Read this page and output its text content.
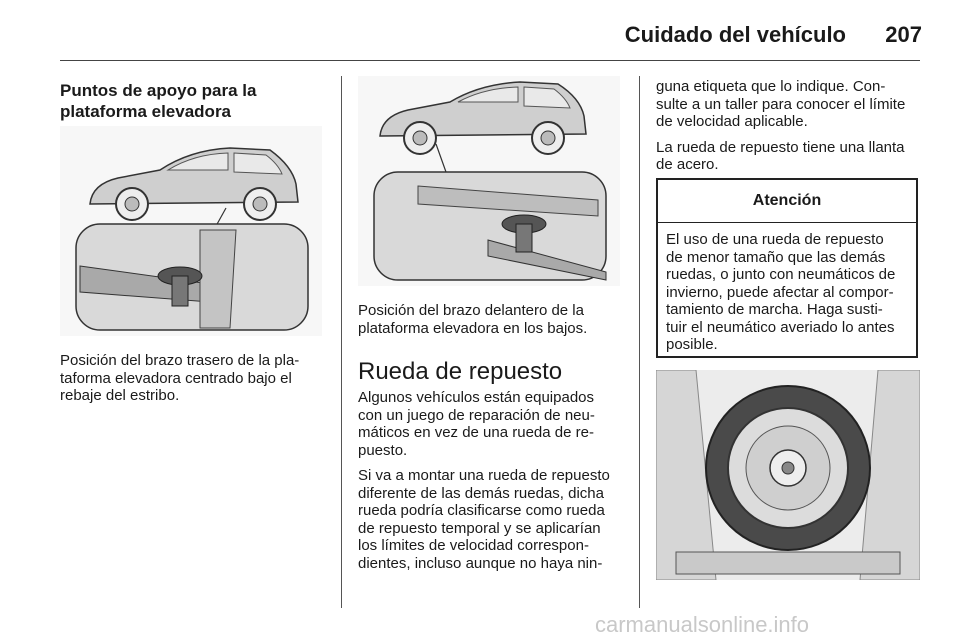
Cuidado del vehículo	207
Puntos de apoyo para la
plataforma elevadora
Posición del brazo trasero de la pla-
taforma elevadora centrado bajo el
rebaje del estribo.
Posición del brazo delantero de la
plataforma elevadora en los bajos.
Rueda de repuesto

Algunos vehículos están equipados
con un juego de reparación de neu-
máticos en vez de una rueda de re-
puesto.

Si va a montar una rueda de repuesto
diferente de las demás ruedas, dicha
rueda podría clasificarse como rueda
de repuesto temporal y se aplicarían
los límites de velocidad correspon-
dientes, incluso aunque no haya nin-

guna etiqueta que lo indique. Con-
sulte a un taller para conocer el límite
de velocidad aplicable.

La rueda de repuesto tiene una llanta
de acero.

Atención
El uso de una rueda de repuesto
de menor tamaño que las demás
ruedas, o junto con neumáticos de
invierno, puede afectar al compor-
tamiento de marcha. Haga susti-
tuir el neumático averiado lo antes
posible.
carmanualsonline.info
